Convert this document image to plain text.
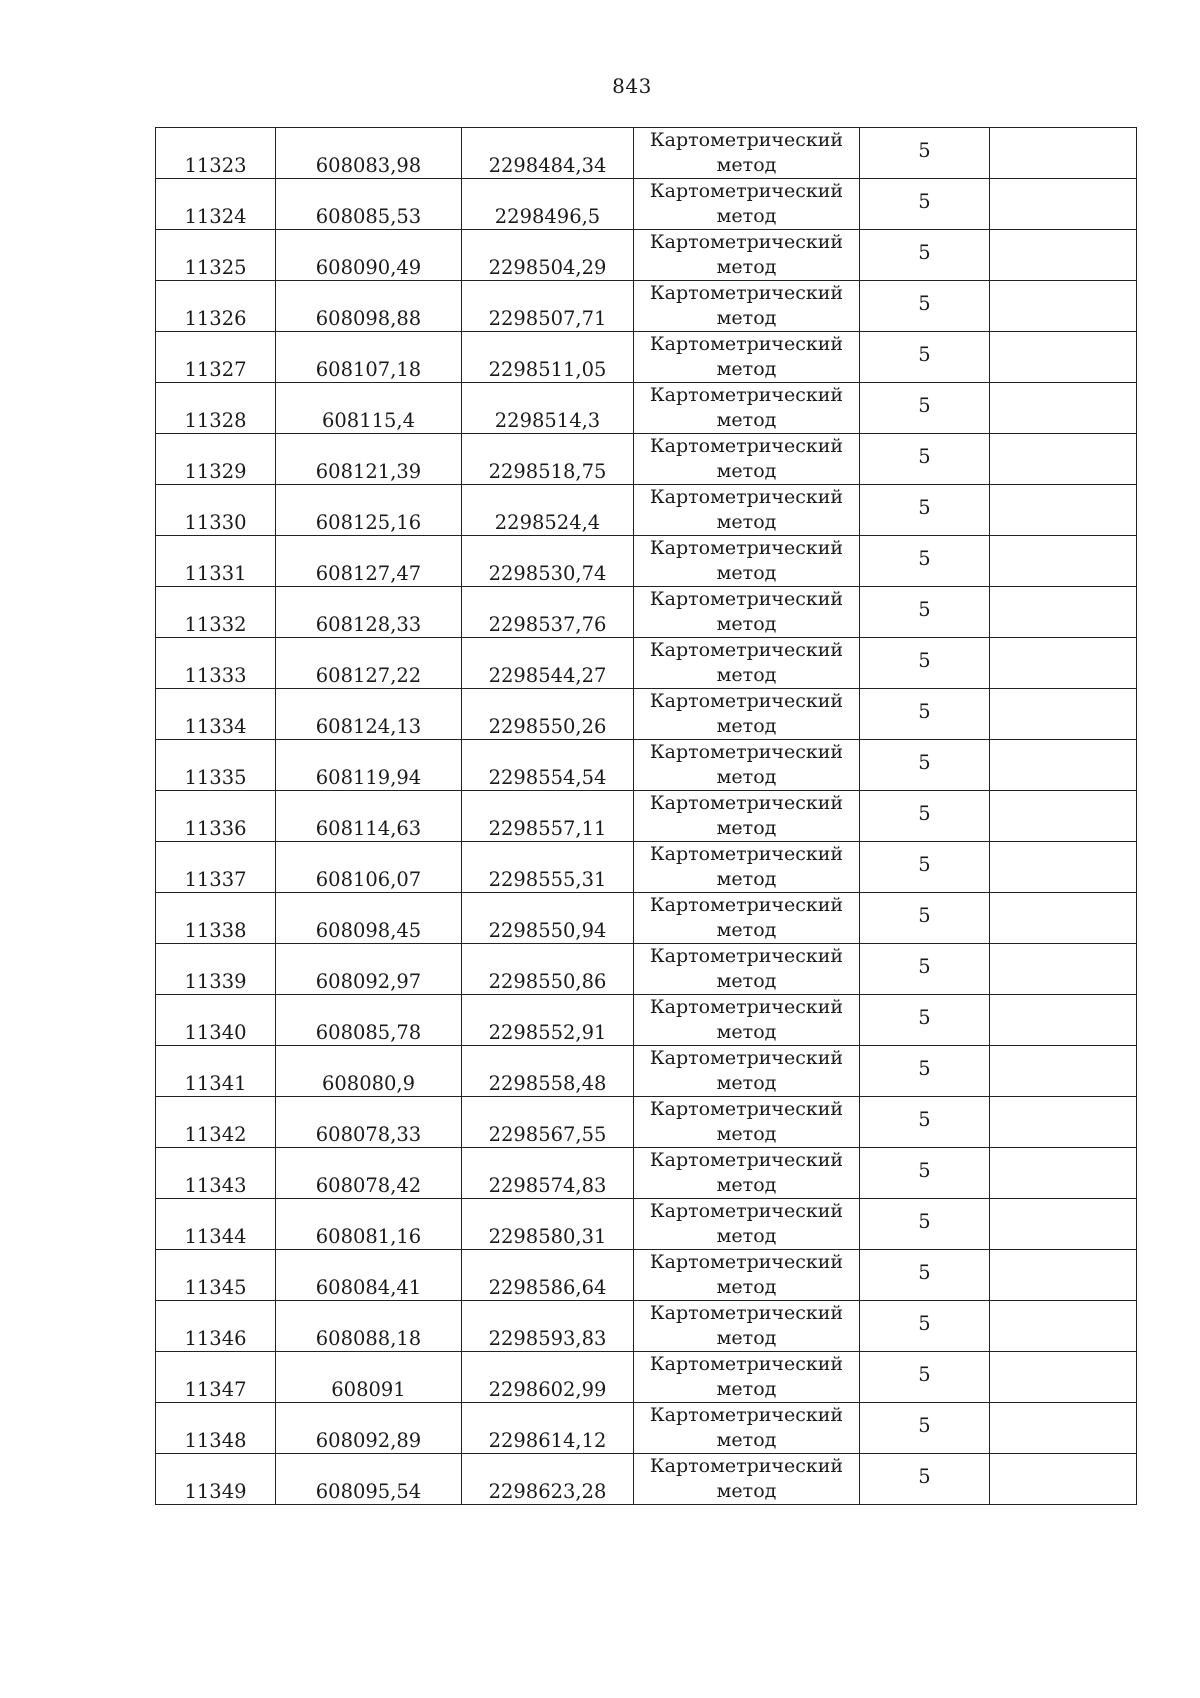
843
11323	608083,98	2298484,34	Картометрический
метод	5	
11324	608085,53	2298496,5	Картометрический
метод	5	
11325	608090,49	2298504,29	Картометрический
метод	5	
11326	608098,88	2298507,71	Картометрический
метод	5	
11327	608107,18	2298511,05	Картометрический
метод	5	
11328	608115,4	2298514,3	Картометрический
метод	5	
11329	608121,39	2298518,75	Картометрический
метод	5	
11330	608125,16	2298524,4	Картометрический
метод	5	
11331	608127,47	2298530,74	Картометрический
метод	5	
11332	608128,33	2298537,76	Картометрический
метод	5	
11333	608127,22	2298544,27	Картометрический
метод	5	
11334	608124,13	2298550,26	Картометрический
метод	5	
11335	608119,94	2298554,54	Картометрический
метод	5	
11336	608114,63	2298557,11	Картометрический
метод	5	
11337	608106,07	2298555,31	Картометрический
метод	5	
11338	608098,45	2298550,94	Картометрический
метод	5	
11339	608092,97	2298550,86	Картометрический
метод	5	
11340	608085,78	2298552,91	Картометрический
метод	5	
11341	608080,9	2298558,48	Картометрический
метод	5	
11342	608078,33	2298567,55	Картометрический
метод	5	
11343	608078,42	2298574,83	Картометрический
метод	5	
11344	608081,16	2298580,31	Картометрический
метод	5	
11345	608084,41	2298586,64	Картометрический
метод	5	
11346	608088,18	2298593,83	Картометрический
метод	5	
11347	608091	2298602,99	Картометрический
метод	5	
11348	608092,89	2298614,12	Картометрический
метод	5	
11349	608095,54	2298623,28	Картометрический
метод	5	
